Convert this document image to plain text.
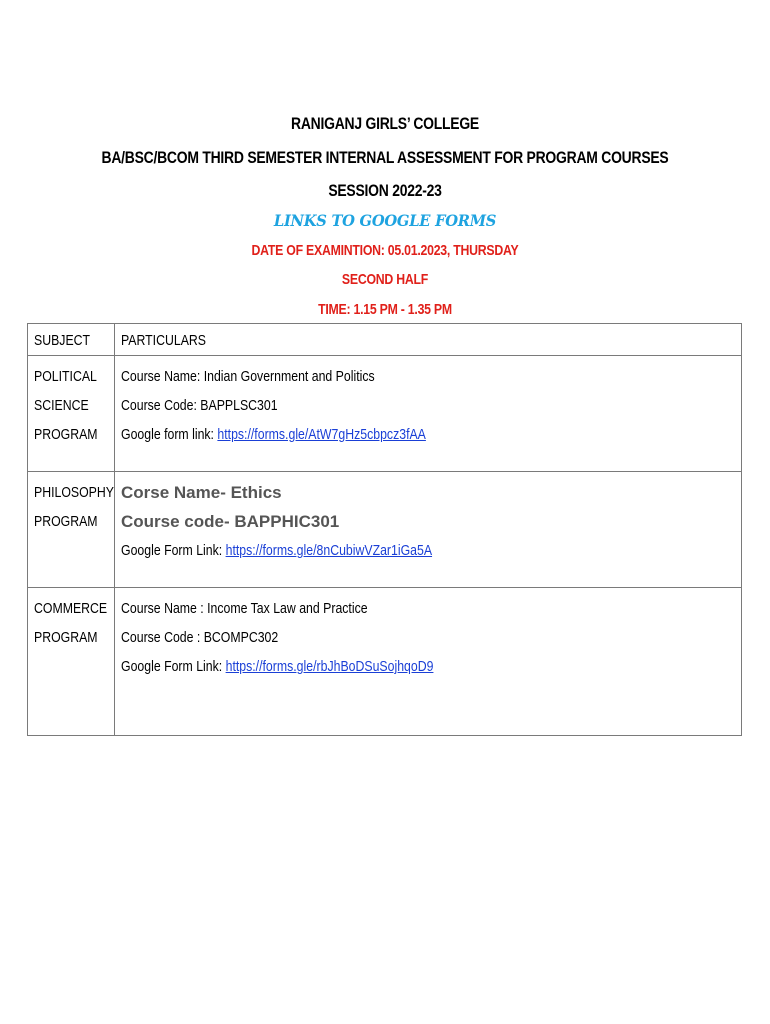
RANIGANJ GIRLS’ COLLEGE
BA/BSC/BCOM THIRD SEMESTER INTERNAL ASSESSMENT FOR PROGRAM COURSES
SESSION 2022-23
LINKS TO GOOGLE FORMS
DATE OF EXAMINTION: 05.01.2023, THURSDAY
SECOND HALF
TIME: 1.15 PM - 1.35 PM
SUBJECT	PARTICULARS

POLITICAL
SCIENCE
PROGRAM	Course Name: Indian Government and Politics
Course Code: BAPPLSC301
Google form link: https://forms.gle/AtW7gHz5cbpcz3fAA

PHILOSOPHY
PROGRAM	Corse Name- Ethics
Course code- BAPPHIC301
Google Form Link: https://forms.gle/8nCubiwVZar1iGa5A

COMMERCE
PROGRAM	Course Name : Income Tax Law and Practice
Course Code : BCOMPC302
Google Form Link: https://forms.gle/rbJhBoDSuSojhqoD9
